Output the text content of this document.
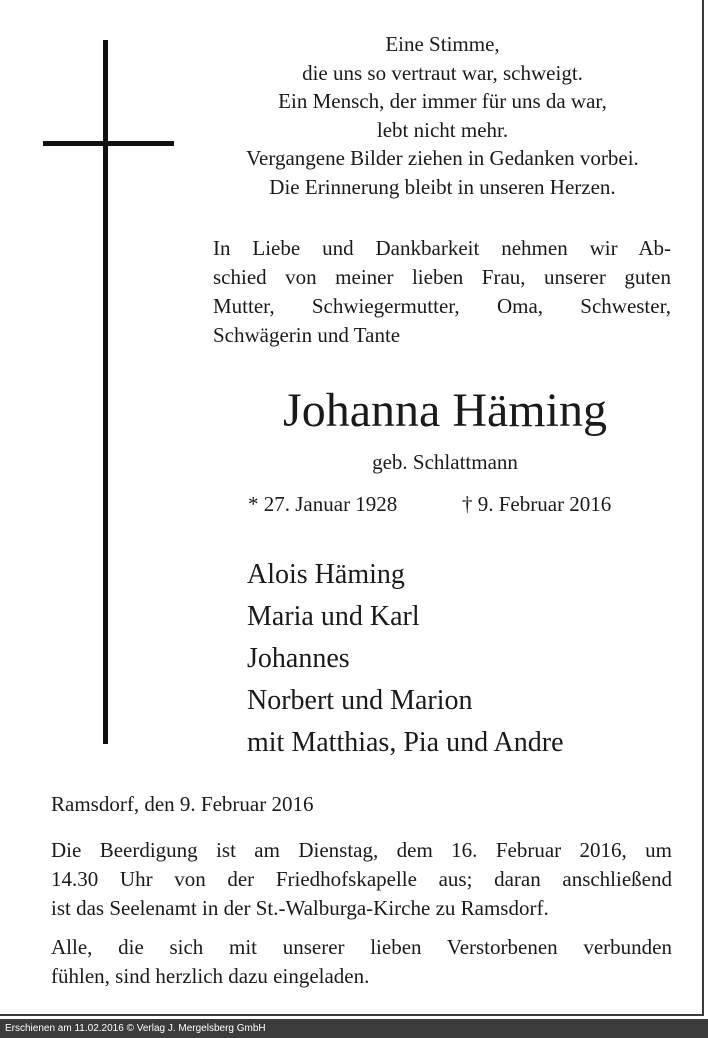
Eine Stimme,
die uns so vertraut war, schweigt.
Ein Mensch, der immer für uns da war,
lebt nicht mehr.
Vergangene Bilder ziehen in Gedanken vorbei.
Die Erinnerung bleibt in unseren Herzen.
In Liebe und Dankbarkeit nehmen wir Ab-
schied von meiner lieben Frau, unserer guten
Mutter, Schwiegermutter, Oma, Schwester,
Schwägerin und Tante
Johanna Häming
geb. Schlattmann
* 27. Januar 1928	† 9. Februar 2016
Alois Häming
Maria und Karl
Johannes
Norbert und Marion
mit Matthias, Pia und Andre
Ramsdorf, den 9. Februar 2016
Die Beerdigung ist am Dienstag, dem 16. Februar 2016, um
14.30 Uhr von der Friedhofskapelle aus; daran anschließend
ist das Seelenamt in der St.-Walburga-Kirche zu Ramsdorf.
Alle, die sich mit unserer lieben Verstorbenen verbunden
fühlen, sind herzlich dazu eingeladen.
Erschienen am 11.02.2016 © Verlag J. Mergelsberg GmbH
